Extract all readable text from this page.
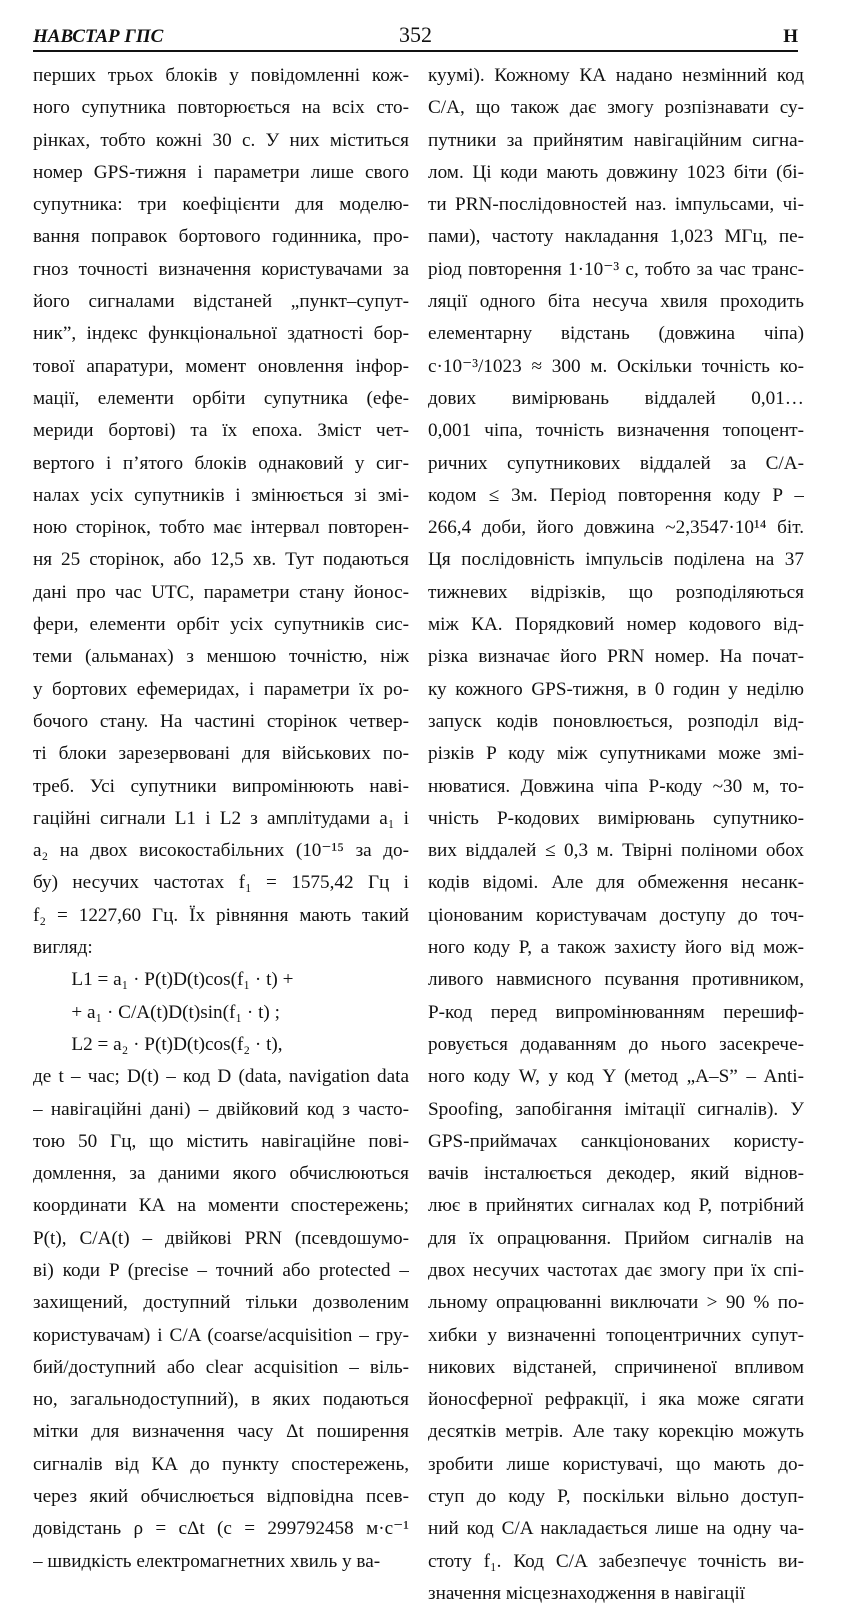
352
НАВСТАР ГПС	Н
перших трьох блоків у повідомленні кож-
ного супутника повторюється на всіх сто-
рінках, тобто кожні 30 с. У них міститься
номер GPS-тижня і параметри лише свого
супутника: три коефіцієнти для моделю-
вання поправок бортового годинника, про-
гноз точності визначення користувачами за
його сигналами відстаней „пункт–супут-
ник”, індекс функціональної здатності бор-
тової апаратури, момент оновлення інфор-
мації, елементи орбіти супутника (ефе-
мериди бортові) та їх епоха. Зміст чет-
вертого і п’ятого блоків однаковий у сиг-
налах усіх супутників і змінюється зі змі-
ною сторінок, тобто має інтервал повторен-
ня 25 сторінок, або 12,5 хв. Тут подаються
дані про час UTC, параметри стану йонос-
фери, елементи орбіт усіх супутників сис-
теми (альманах) з меншою точністю, ніж
у бортових ефемеридах, і параметри їх ро-
бочого стану. На частині сторінок четвер-
ті блоки зарезервовані для військових по-
треб. Усі супутники випромінюють наві-
гаційні сигнали L1 і L2 з амплітудами a₁ і
a₂ на двох високостабільних (10⁻¹⁵ за до-
бу) несучих частотах f₁ = 1575,42 Гц і
f₂ = 1227,60 Гц. Їх рівняння мають такий
вигляд:
L1 = a₁ · P(t)D(t)cos(f₁ · t) +
+ a₁ · C/A(t)D(t)sin(f₁ · t) ;
L2 = a₂ · P(t)D(t)cos(f₂ · t),
де t – час; D(t) – код D (data, navigation data
– навігаційні дані) – двійковий код з часто-
тою 50 Гц, що містить навігаційне пові-
домлення, за даними якого обчислюються
координати КА на моменти спостережень;
P(t), C/A(t) – двійкові PRN (псевдошумо-
ві) коди P (precise – точний або protected –
захищений, доступний тільки дозволеним
користувачам) і C/A (coarse/acquisition – гру-
бий/доступний або clear acquisition – віль-
но, загальнодоступний), в яких подаються
мітки для визначення часу Δt поширення
сигналів від КА до пункту спостережень,
через який обчислюється відповідна псев-
довідстань ρ = cΔt (c = 299792458 м·с⁻¹
– швидкість електромагнетних хвиль у ва-
куумі). Кожному КА надано незмінний код
C/A, що також дає змогу розпізнавати су-
путники за прийнятим навігаційним сигна-
лом. Ці коди мають довжину 1023 біти (бі-
ти PRN-послідовностей наз. імпульсами, чі-
пами), частоту накладання 1,023 МГц, пе-
ріод повторення 1·10⁻³ с, тобто за час транс-
ляції одного біта несуча хвиля проходить
елементарну відстань (довжина чіпа)
c·10⁻³/1023 ≈ 300 м. Оскільки точність ко-
дових вимірювань віддалей 0,01…
0,001 чіпа, точність визначення топоцент-
ричних супутникових віддалей за C/A-
кодом ≤ 3м. Період повторення коду P –
266,4 доби, його довжина ~2,3547·10¹⁴ біт.
Ця послідовність імпульсів поділена на 37
тижневих відрізків, що розподіляються
між КА. Порядковий номер кодового від-
різка визначає його PRN номер. На почат-
ку кожного GPS-тижня, в 0 годин у неділю
запуск кодів поновлюється, розподіл від-
різків P коду між супутниками може змі-
нюватися. Довжина чіпа P-коду ~30 м, то-
чність P-кодових вимірювань супутнико-
вих віддалей ≤ 0,3 м. Твірні поліноми обох
кодів відомі. Але для обмеження несанк-
ціонованим користувачам доступу до точ-
ного коду P, а також захисту його від мож-
ливого навмисного псування противником,
P-код перед випромінюванням перешиф-
ровується додаванням до нього засекрече-
ного коду W, у код Y (метод „A–S” – Anti-
Spoofing, запобігання імітації сигналів). У
GPS-приймачах санкціонованих користу-
вачів інсталюється декодер, який віднов-
лює в прийнятих сигналах код P, потрібний
для їх опрацювання. Прийом сигналів на
двох несучих частотах дає змогу при їх спі-
льному опрацюванні виключати > 90 % по-
хибки у визначенні топоцентричних супут-
никових відстаней, спричиненої впливом
йоносферної рефракції, і яка може сягати
десятків метрів. Але таку корекцію можуть
зробити лише користувачі, що мають до-
ступ до коду P, поскільки вільно доступ-
ний код C/A накладається лише на одну ча-
стоту f₁. Код C/A забезпечує точність ви-
значення місцезнаходження в навігації
